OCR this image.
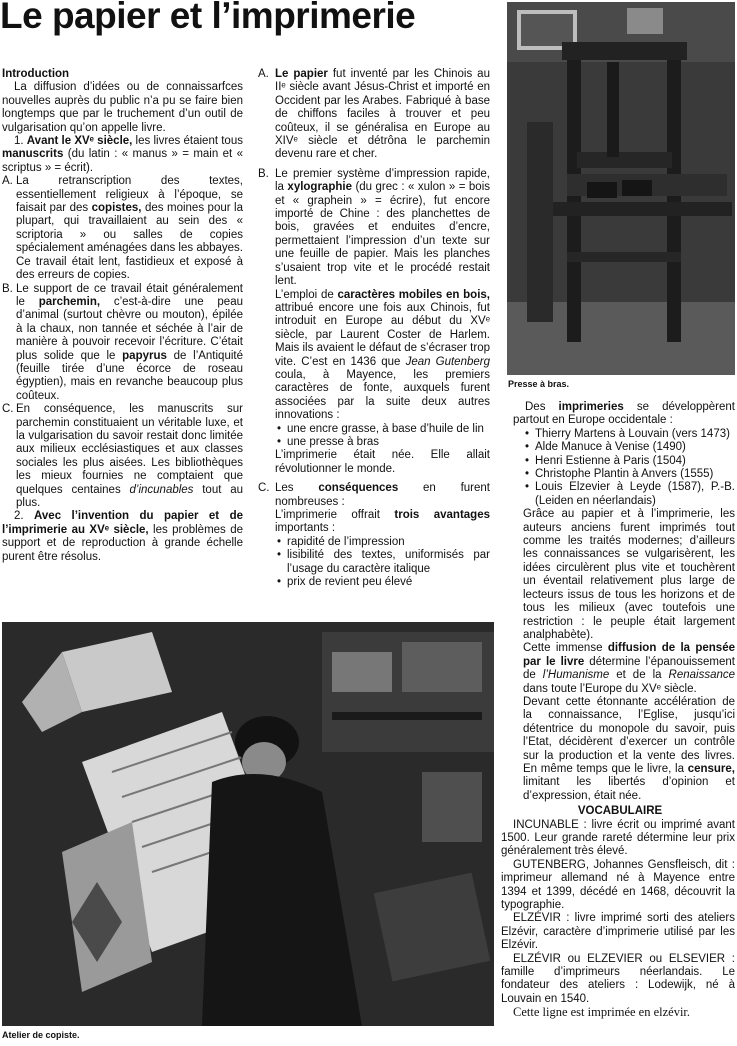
Le papier et l’imprimerie
Presse à bras.

Introduction

La diffusion d’idées ou de connaissarfces nouvelles auprès du public n’a pu se faire bien longtemps que par le truchement d’un outil de vulgarisation qu’on appelle livre.

1. Avant le XVᵉ siècle, les livres étaient tous manuscrits (du latin : « manus » = main et « scriptus » = écrit).

A. La retranscription des textes, essentiellement religieux à l’époque, se faisait par des copistes, des moines pour la plupart, qui travaillaient au sein des « scriptoria » ou salles de copies spécialement aménagées dans les abbayes. Ce travail était lent, fastidieux et exposé à des erreurs de copies.
B. Le support de ce travail était généralement le parchemin, c’est-à-dire une peau d’animal (surtout chèvre ou mouton), épilée à la chaux, non tannée et séchée à l’air de manière à pouvoir recevoir l’écriture. C’était plus solide que le papyrus de l’Antiquité (feuille tirée d’une écorce de roseau égyptien), mais en revanche beaucoup plus coûteux.
C. En conséquence, les manuscrits sur parchemin constituaient un véritable luxe, et la vulgarisation du savoir restait donc limitée aux milieux ecclésiastiques et aux classes sociales les plus aisées. Les bibliothèques les mieux fournies ne comptaient que quelques centaines d’incunables tout au plus.

2. Avec l’invention du papier et de l’imprimerie au XVᵉ siècle, les problèmes de support et de reproduction à grande échelle purent être résolus.

A. Le papier fut inventé par les Chinois au IIᵉ siècle avant Jésus-Christ et importé en Occident par les Arabes. Fabriqué à base de chiffons faciles à trouver et peu coûteux, il se généralisa en Europe au XIVᵉ siècle et détrôna le parchemin devenu rare et cher.
B. Le premier système d’impression rapide, la xylographie (du grec : « xulon » = bois et « graphein » = écrire), fut encore importé de Chine : des planchettes de bois, gravées et enduites d’encre, permettaient l’impression d’un texte sur une feuille de papier. Mais les planches s’usaient trop vite et le procédé restait lent.

L’emploi de caractères mobiles en bois, attribué encore une fois aux Chinois, fut introduit en Europe au début du XVᵉ siècle, par Laurent Coster de Harlem. Mais ils avaient le défaut de s’écraser trop vite. C’est en 1436 que Jean Gutenberg coula, à Mayence, les premiers caractères de fonte, auxquels furent associées par la suite deux autres innovations :

• une encre grasse, à base d’huile de lin
• une presse à bras

L’imprimerie était née. Elle allait révolutionner le monde.

C. Les conséquences en furent nombreuses :

L’imprimerie offrait trois avantages importants :

• rapidité de l’impression
• lisibilité des textes, uniformisés par l’usage du caractère italique
• prix de revient peu élevé
Atelier de copiste.

Des imprimeries se développèrent partout en Europe occidentale :

• Thierry Martens à Louvain (vers 1473)
• Alde Manuce à Venise (1490)
• Henri Estienne à Paris (1504)
• Christophe Plantin à Anvers (1555)
• Louis Elzevier à Leyde (1587), P.-B. (Leiden en néerlandais)

Grâce au papier et à l’imprimerie, les auteurs anciens furent imprimés tout comme les traités modernes; d’ailleurs les connaissances se vulgarisèrent, les idées circulèrent plus vite et touchèrent un éventail relativement plus large de lecteurs issus de tous les horizons et de tous les milieux (avec toutefois une restriction : le peuple était largement analphabète).

Cette immense diffusion de la pensée par le livre détermine l’épanouissement de l’Humanisme et de la Renaissance dans toute l’Europe du XVᵉ siècle.

Devant cette étonnante accélération de la connaissance, l’Eglise, jusqu’ici détentrice du monopole du savoir, puis l’Etat, décidèrent d’exercer un contrôle sur la production et la vente des livres. En même temps que le livre, la censure, limitant les libertés d’opinion et d’expression, était née.

VOCABULAIRE

INCUNABLE : livre écrit ou imprimé avant 1500. Leur grande rareté détermine leur prix généralement très élevé.

GUTENBERG, Johannes Gensfleisch, dit : imprimeur allemand né à Mayence entre 1394 et 1399, décédé en 1468, découvrit la typographie.

ELZÉVIR : livre imprimé sorti des ateliers Elzévir, caractère d’imprimerie utilisé par les Elzévir.

ELZÉVIR ou ELZEVIER ou ELSEVIER : famille d’imprimeurs néerlandais. Le fondateur des ateliers : Lodewijk, né à Louvain en 1540.

Cette ligne est imprimée en elzévir.
